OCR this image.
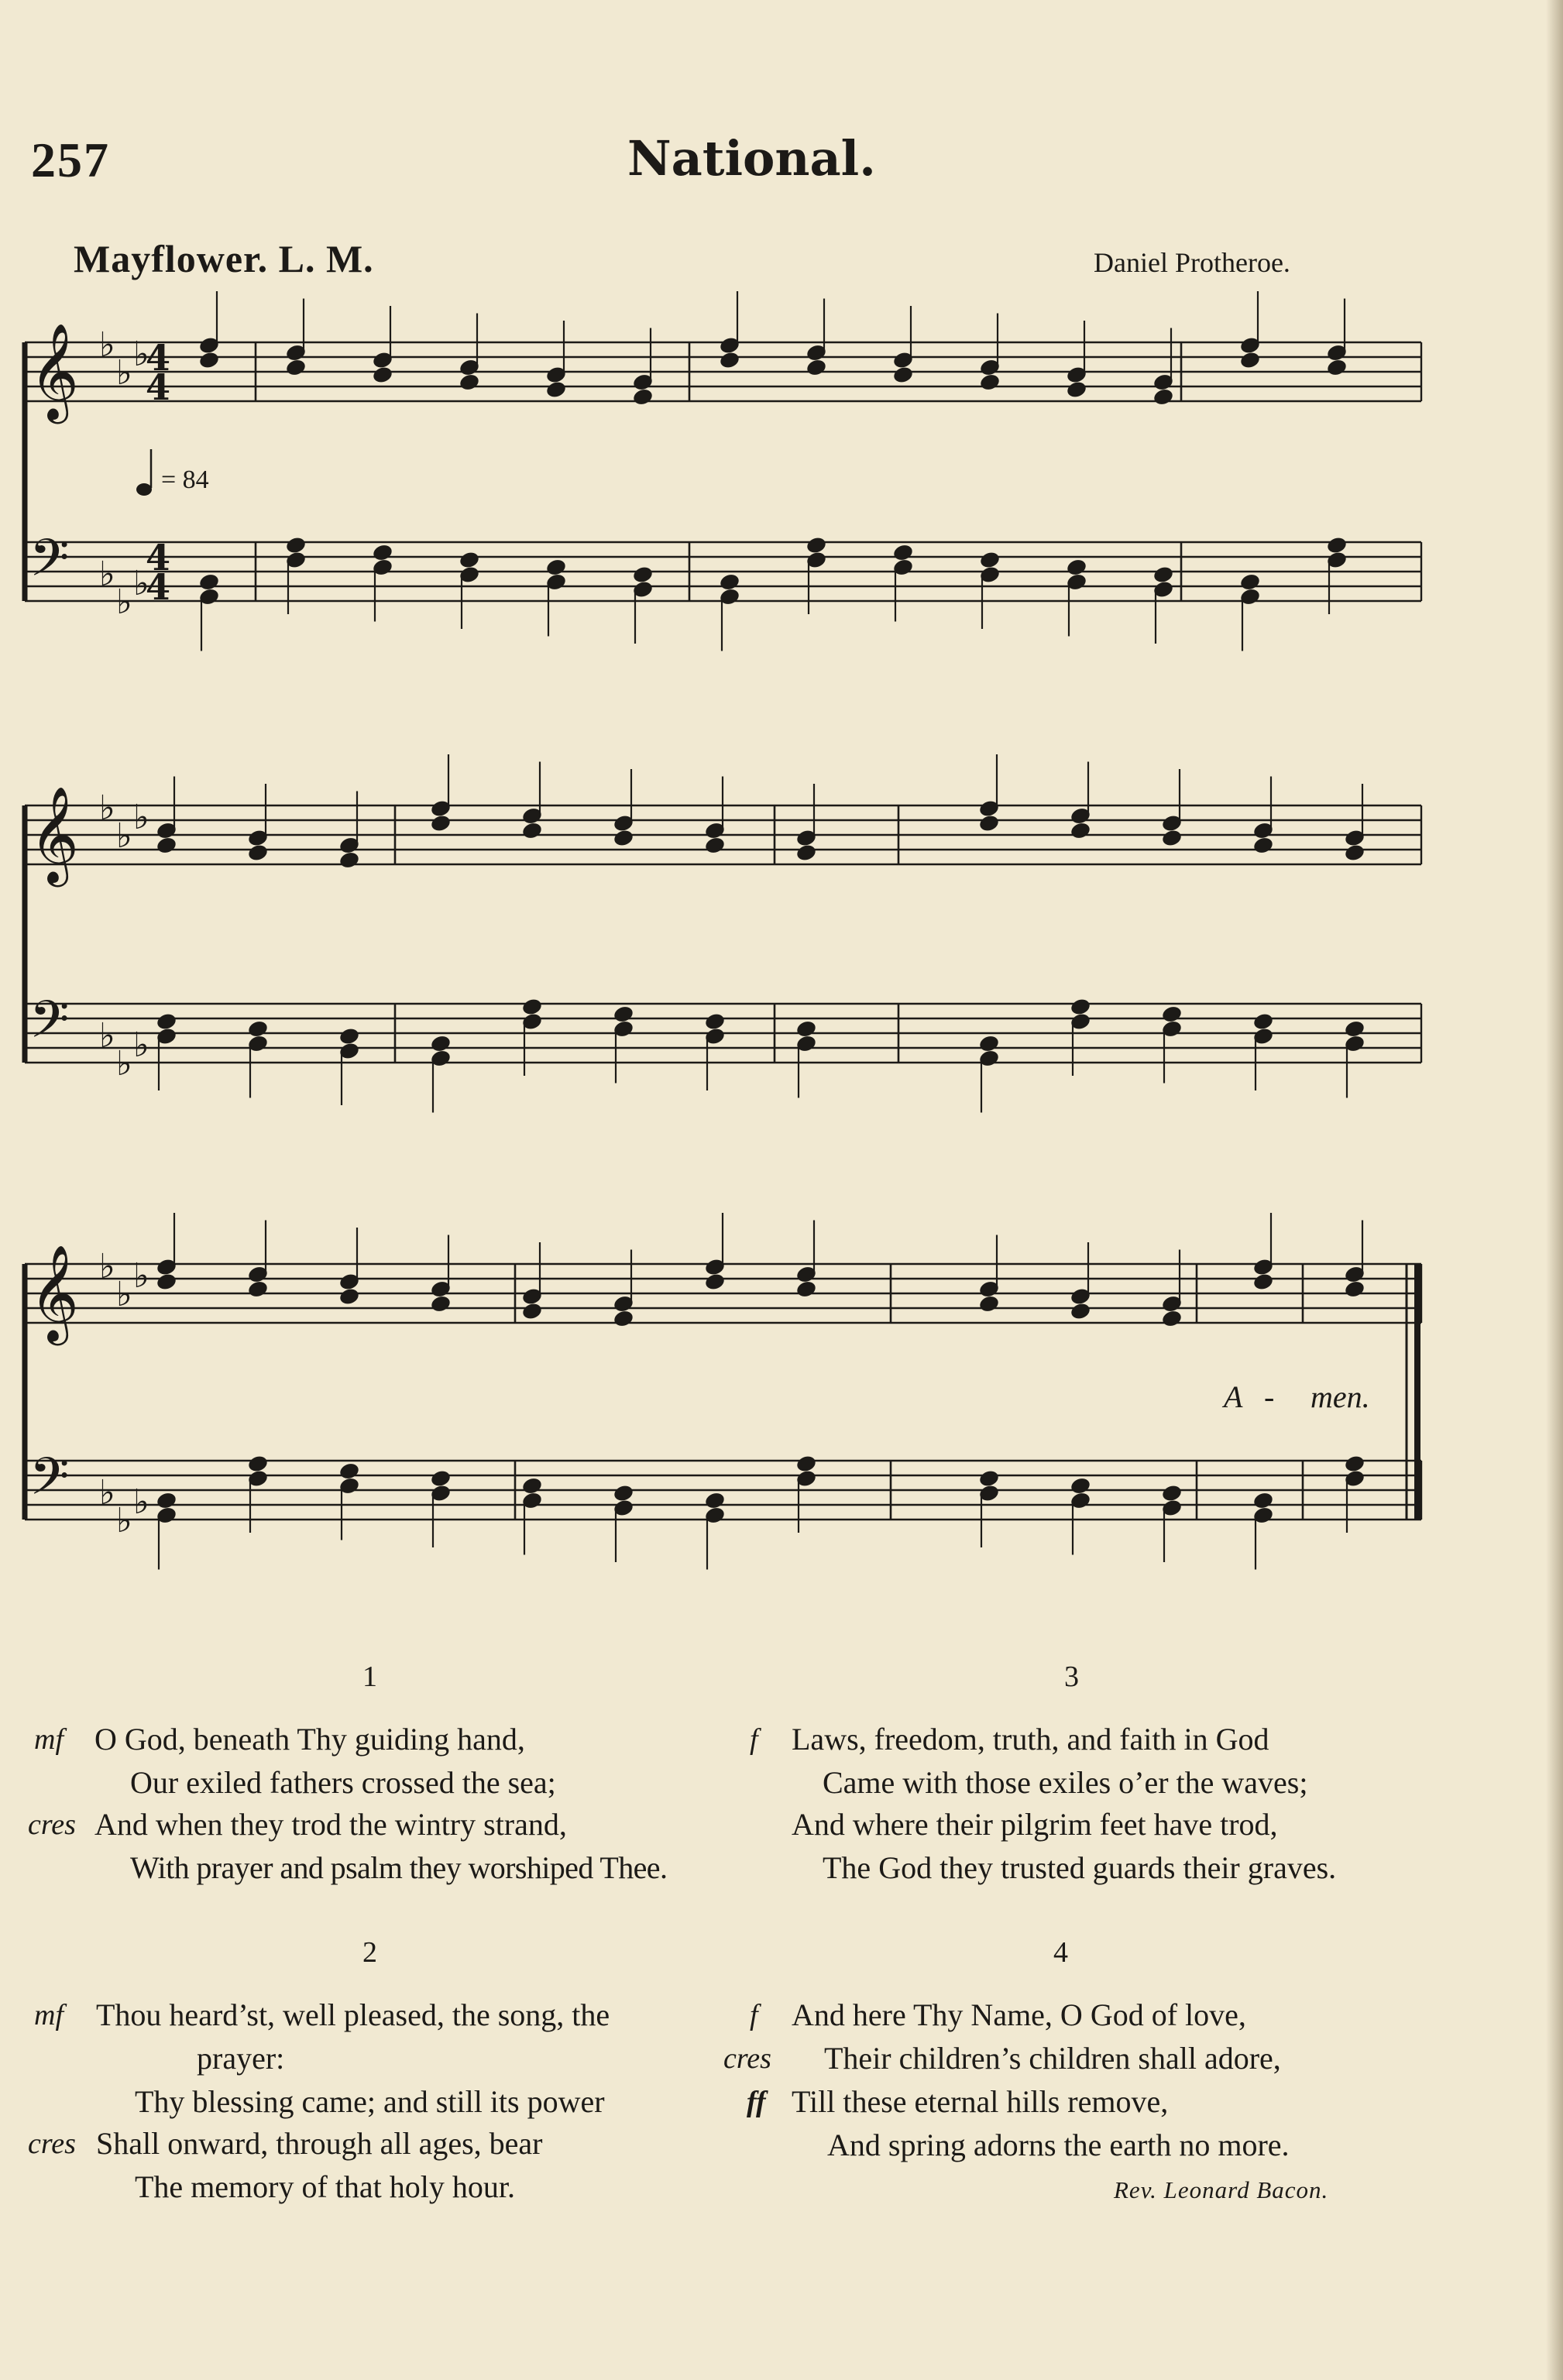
257	National.
Mayflower. L. M.	Daniel Protheroe.
𝄞 ♭
♭ ♭
𝄢 ♭
♭ ♭
𝄞 ♭
♭ ♭
𝄢 ♭
♭ ♭
𝄞 ♭
♭ ♭
𝄢 ♭
♭ ♭
4
4
4
4
= 84
A - men.
1
mf O God, beneath Thy guiding hand,
Our exiled fathers crossed the sea;
cres And when they trod the wintry strand,
With prayer and psalm they worshiped Thee.
3
f Laws, freedom, truth, and faith in God
Came with those exiles o’er the waves;
And where their pilgrim feet have trod,
The God they trusted guards their graves.
2
mf Thou heard’st, well pleased, the song, the
prayer:
Thy blessing came; and still its power
cres Shall onward, through all ages, bear
The memory of that holy hour.
4
f And here Thy Name, O God of love,
cres Their children’s children shall adore,
ff Till these eternal hills remove,
And spring adorns the earth no more.
Rev. Leonard Bacon.
